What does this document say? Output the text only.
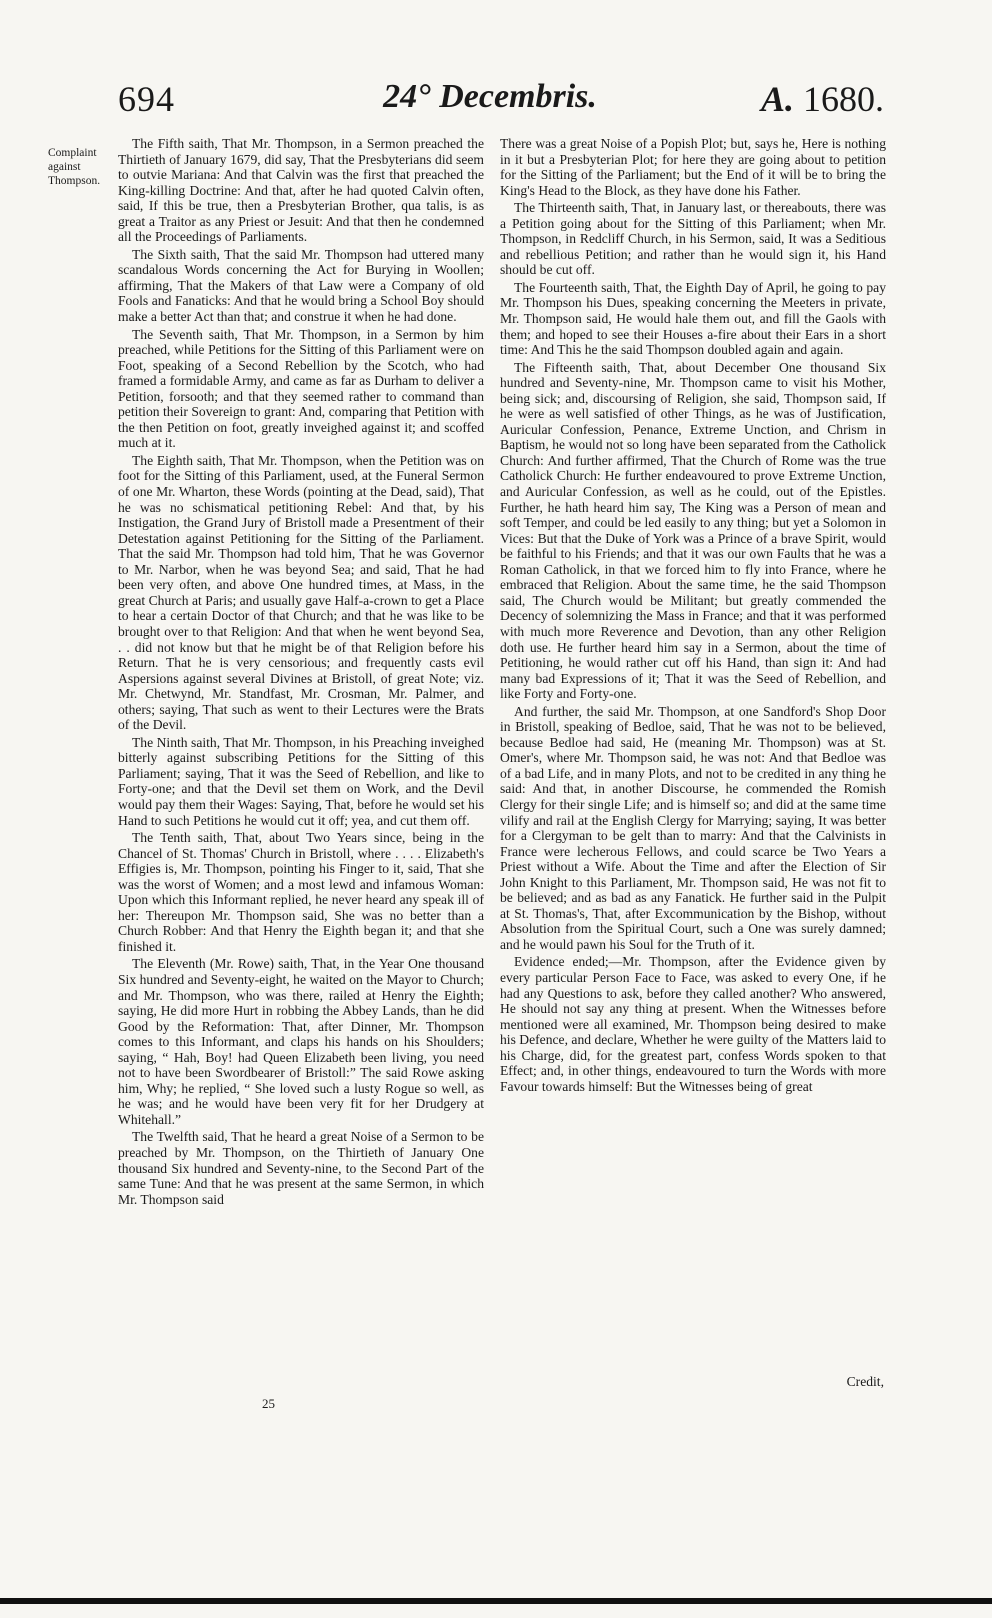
694	24° Decembris.	A. 1680.
Complaint against Thompson.

The Fifth saith, That Mr. Thompson, in a Sermon preached the Thirtieth of January 1679, did say, That the Presbyterians did seem to outvie Mariana: And that Calvin was the first that preached the King-killing Doctrine: And that, after he had quoted Calvin often, said, If this be true, then a Presbyterian Brother, qua talis, is as great a Traitor as any Priest or Jesuit: And that then he condemned all the Proceedings of Parliaments.

The Sixth saith, That the said Mr. Thompson had uttered many scandalous Words concerning the Act for Burying in Woollen; affirming, That the Makers of that Law were a Company of old Fools and Fanaticks: And that he would bring a School Boy should make a better Act than that; and construe it when he had done.

The Seventh saith, That Mr. Thompson, in a Sermon by him preached, while Petitions for the Sitting of this Parliament were on Foot, speaking of a Second Rebellion by the Scotch, who had framed a formidable Army, and came as far as Durham to deliver a Petition, forsooth; and that they seemed rather to command than petition their Sovereign to grant: And, comparing that Petition with the then Petition on foot, greatly inveighed against it; and scoffed much at it.

The Eighth saith, That Mr. Thompson, when the Petition was on foot for the Sitting of this Parliament, used, at the Funeral Sermon of one Mr. Wharton, these Words (pointing at the Dead, said), That he was no schismatical petitioning Rebel: And that, by his Instigation, the Grand Jury of Bristoll made a Presentment of their Detestation against Petitioning for the Sitting of the Parliament. That the said Mr. Thompson had told him, That he was Governor to Mr. Narbor, when he was beyond Sea; and said, That he had been very often, and above One hundred times, at Mass, in the great Church at Paris; and usually gave Half-a-crown to get a Place to hear a certain Doctor of that Church; and that he was like to be brought over to that Religion: And that when he went beyond Sea, . . did not know but that he might be of that Religion before his Return. That he is very censorious; and frequently casts evil Aspersions against several Divines at Bristoll, of great Note; viz. Mr. Chetwynd, Mr. Standfast, Mr. Crosman, Mr. Palmer, and others; saying, That such as went to their Lectures were the Brats of the Devil.

The Ninth saith, That Mr. Thompson, in his Preaching inveighed bitterly against subscribing Petitions for the Sitting of this Parliament; saying, That it was the Seed of Rebellion, and like to Forty-one; and that the Devil set them on Work, and the Devil would pay them their Wages: Saying, That, before he would set his Hand to such Petitions he would cut it off; yea, and cut them off.

The Tenth saith, That, about Two Years since, being in the Chancel of St. Thomas' Church in Bristoll, where . . . . Elizabeth's Effigies is, Mr. Thompson, pointing his Finger to it, said, That she was the worst of Women; and a most lewd and infamous Woman: Upon which this Informant replied, he never heard any speak ill of her: Thereupon Mr. Thompson said, She was no better than a Church Robber: And that Henry the Eighth began it; and that she finished it.

The Eleventh (Mr. Rowe) saith, That, in the Year One thousand Six hundred and Seventy-eight, he waited on the Mayor to Church; and Mr. Thompson, who was there, railed at Henry the Eighth; saying, He did more Hurt in robbing the Abbey Lands, than he did Good by the Reformation: That, after Dinner, Mr. Thompson comes to this Informant, and claps his hands on his Shoulders; saying, “ Hah, Boy! had Queen Elizabeth been living, you need not to have been Swordbearer of Bristoll:” The said Rowe asking him, Why; he replied, “ She loved such a lusty Rogue so well, as he was; and he would have been very fit for her Drudgery at Whitehall.”

The Twelfth said, That he heard a great Noise of a Sermon to be preached by Mr. Thompson, on the Thirtieth of January One thousand Six hundred and Seventy-nine, to the Second Part of the same Tune: And that he was present at the same Sermon, in which Mr. Thompson said

There was a great Noise of a Popish Plot; but, says he, Here is nothing in it but a Presbyterian Plot; for here they are going about to petition for the Sitting of the Parliament; but the End of it will be to bring the King's Head to the Block, as they have done his Father.

The Thirteenth saith, That, in January last, or thereabouts, there was a Petition going about for the Sitting of this Parliament; when Mr. Thompson, in Redcliff Church, in his Sermon, said, It was a Seditious and rebellious Petition; and rather than he would sign it, his Hand should be cut off.

The Fourteenth saith, That, the Eighth Day of April, he going to pay Mr. Thompson his Dues, speaking concerning the Meeters in private, Mr. Thompson said, He would hale them out, and fill the Gaols with them; and hoped to see their Houses a-fire about their Ears in a short time: And This he the said Thompson doubled again and again.

The Fifteenth saith, That, about December One thousand Six hundred and Seventy-nine, Mr. Thompson came to visit his Mother, being sick; and, discoursing of Religion, she said, Thompson said, If he were as well satisfied of other Things, as he was of Justification, Auricular Confession, Penance, Extreme Unction, and Chrism in Baptism, he would not so long have been separated from the Catholick Church: And further affirmed, That the Church of Rome was the true Catholick Church: He further endeavoured to prove Extreme Unction, and Auricular Confession, as well as he could, out of the Epistles. Further, he hath heard him say, The King was a Person of mean and soft Temper, and could be led easily to any thing; but yet a Solomon in Vices: But that the Duke of York was a Prince of a brave Spirit, would be faithful to his Friends; and that it was our own Faults that he was a Roman Catholick, in that we forced him to fly into France, where he embraced that Religion. About the same time, he the said Thompson said, The Church would be Militant; but greatly commended the Decency of solemnizing the Mass in France; and that it was performed with much more Reverence and Devotion, than any other Religion doth use. He further heard him say in a Sermon, about the time of Petitioning, he would rather cut off his Hand, than sign it: And had many bad Expressions of it; That it was the Seed of Rebellion, and like Forty and Forty-one.

And further, the said Mr. Thompson, at one Sandford's Shop Door in Bristoll, speaking of Bedloe, said, That he was not to be believed, because Bedloe had said, He (meaning Mr. Thompson) was at St. Omer's, where Mr. Thompson said, he was not: And that Bedloe was of a bad Life, and in many Plots, and not to be credited in any thing he said: And that, in another Discourse, he commended the Romish Clergy for their single Life; and is himself so; and did at the same time vilify and rail at the English Clergy for Marrying; saying, It was better for a Clergyman to be gelt than to marry: And that the Calvinists in France were lecherous Fellows, and could scarce be Two Years a Priest without a Wife. About the Time and after the Election of Sir John Knight to this Parliament, Mr. Thompson said, He was not fit to be believed; and as bad as any Fanatick. He further said in the Pulpit at St. Thomas's, That, after Excommunication by the Bishop, without Absolution from the Spiritual Court, such a One was surely damned; and he would pawn his Soul for the Truth of it.

Evidence ended;—Mr. Thompson, after the Evidence given by every particular Person Face to Face, was asked to every One, if he had any Questions to ask, before they called another? Who answered, He should not say any thing at present. When the Witnesses before mentioned were all examined, Mr. Thompson being desired to make his Defence, and declare, Whether he were guilty of the Matters laid to his Charge, did, for the greatest part, confess Words spoken to that Effect; and, in other things, endeavoured to turn the Words with more Favour towards himself: But the Witnesses being of great

25
Credit,
